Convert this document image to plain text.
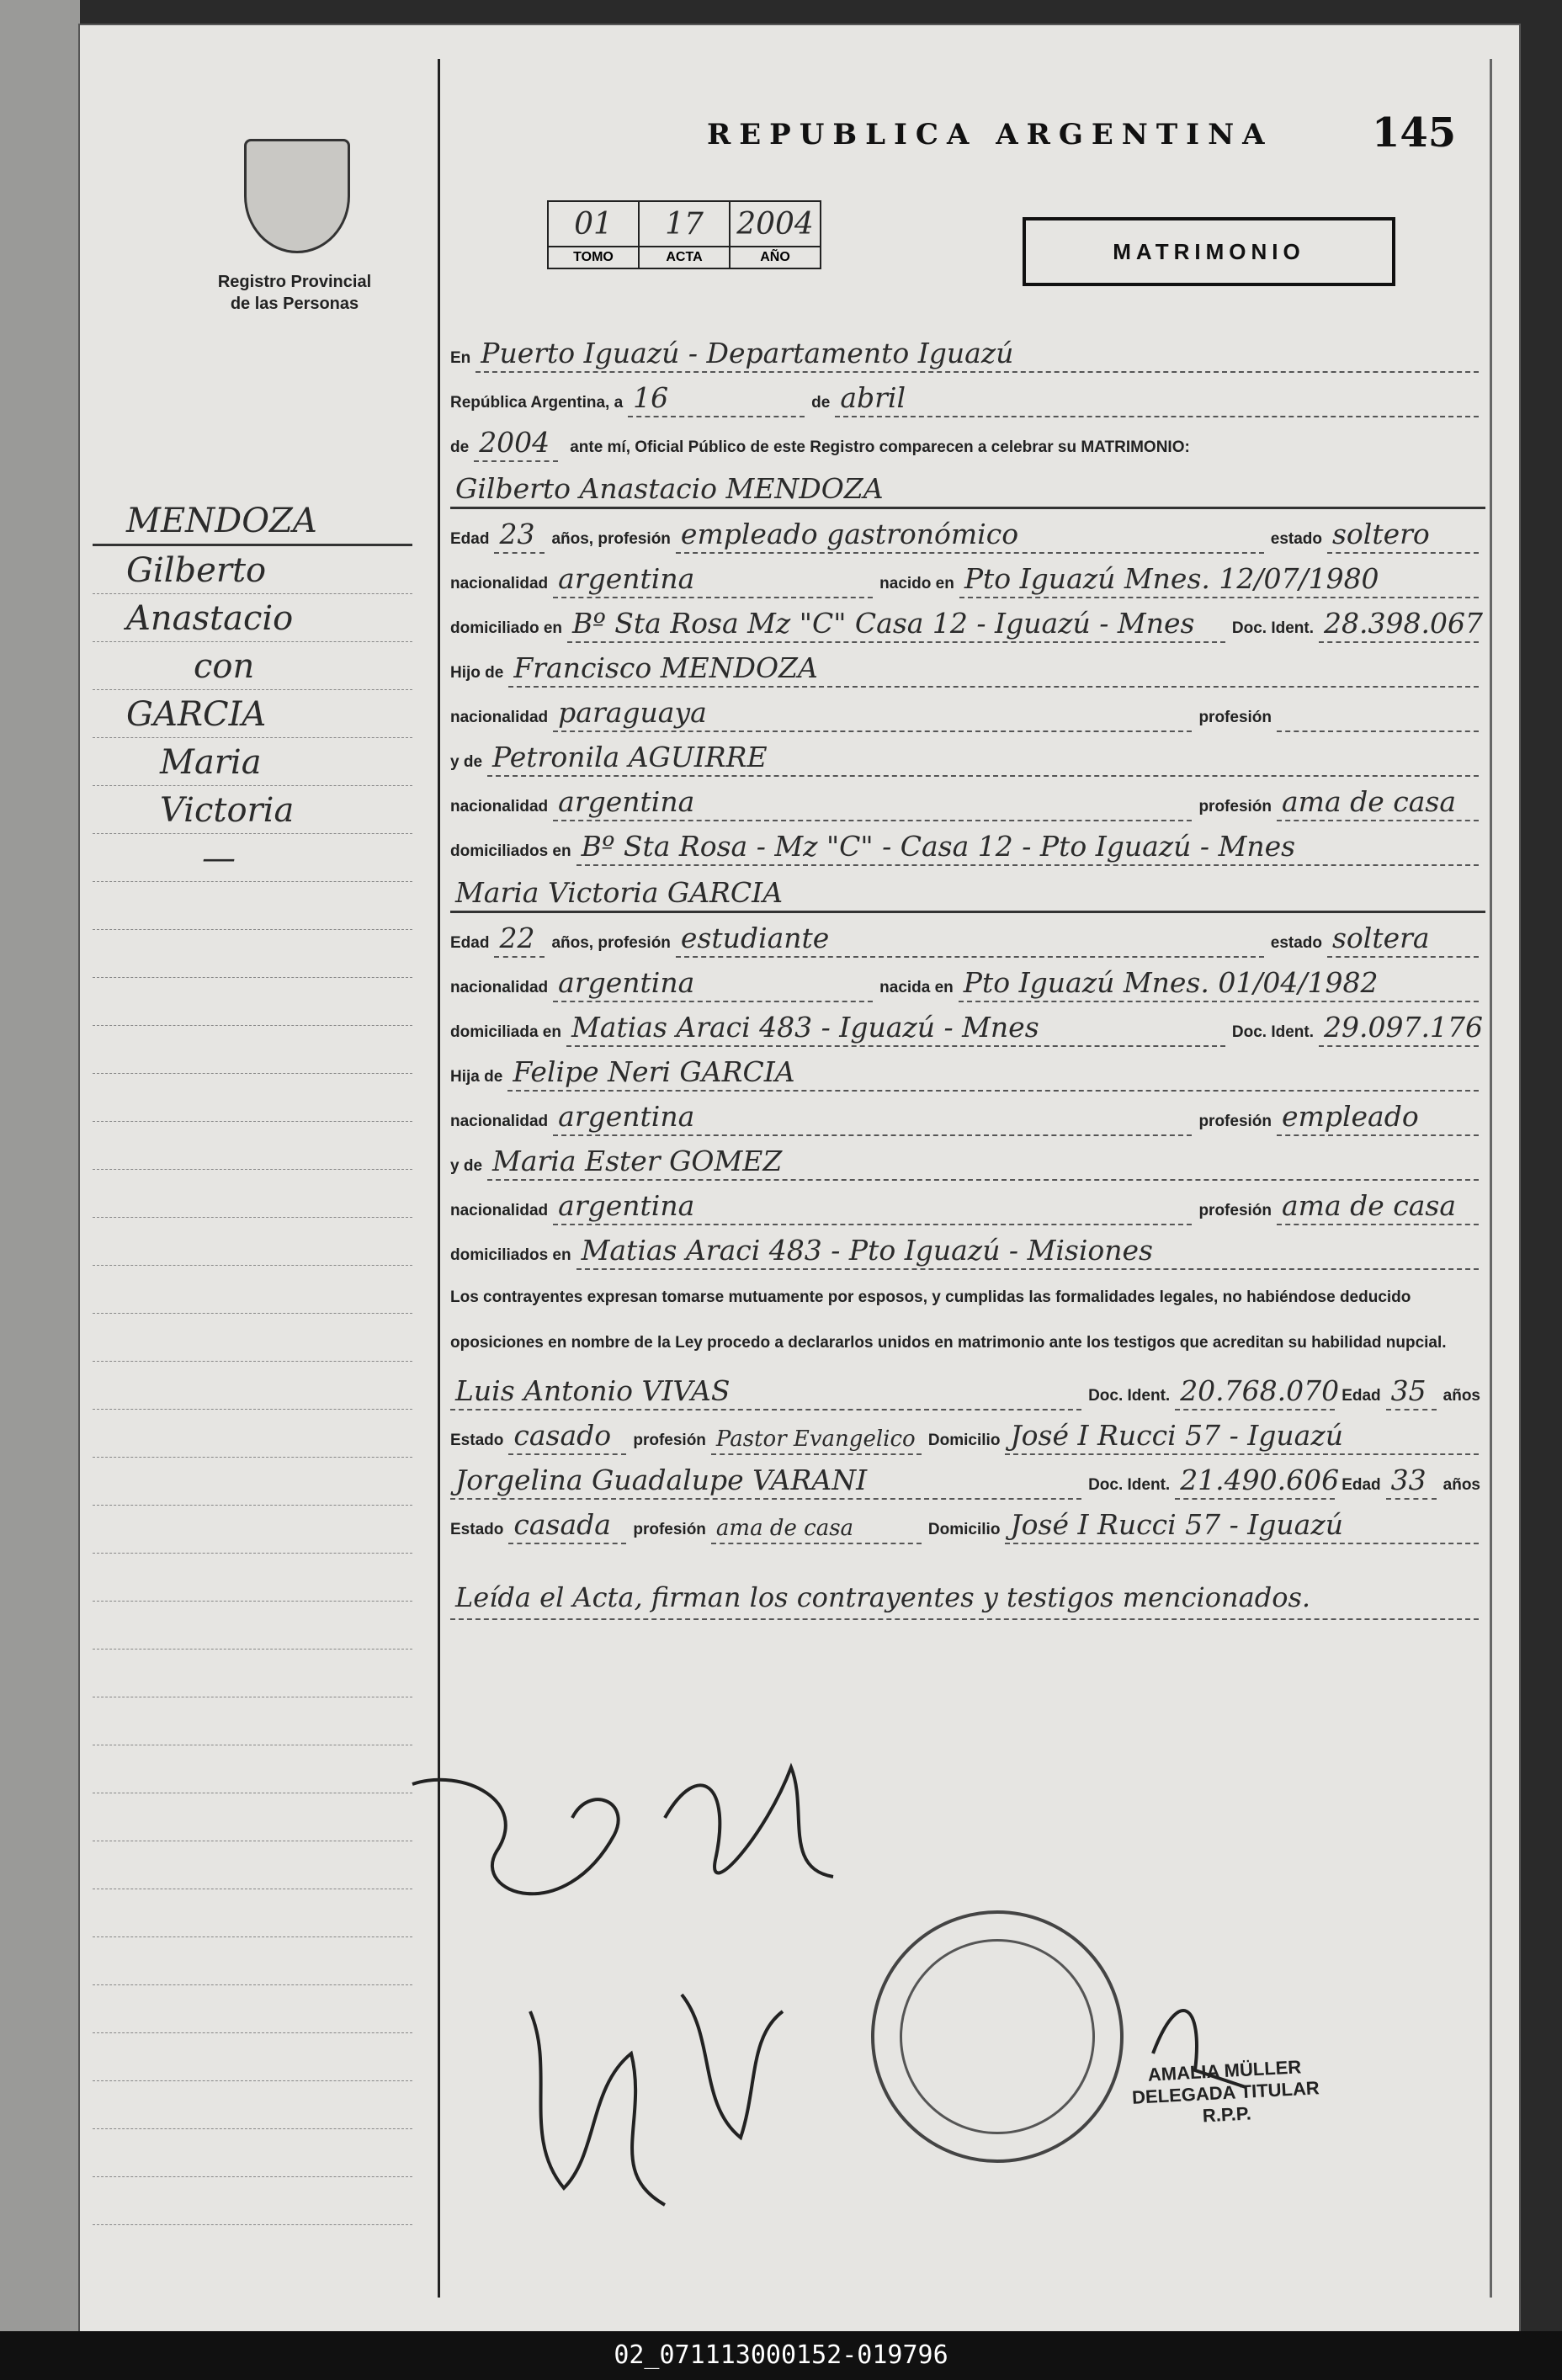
Registro Provincial
de las Personas
REPUBLICA ARGENTINA 145
01	17	2004
TOMO	ACTA	AÑO	MATRIMONIO
MENDOZA
Gilberto
Anastacio
con
GARCIA
Maria
Victoria
—
En Puerto Iguazú - Departamento Iguazú
República Argentina, a 16	de abril
de 2004	ante mí, Oficial Público de este Registro comparecen a celebrar su MATRIMONIO:
Gilberto Anastacio MENDOZA
Edad 23 años, profesión empleado gastronómico	estado soltero
nacionalidad argentina	nacido en Pto Iguazú Mnes. 12/07/1980
domiciliado en Bº Sta Rosa Mz "C" Casa 12 - Iguazú - Mnes Doc. Ident. 28.398.067
Hijo de Francisco MENDOZA
nacionalidad paraguaya	profesión
y de Petronila AGUIRRE
nacionalidad argentina	profesión ama de casa
domiciliados en Bº Sta Rosa - Mz "C" - Casa 12 - Pto Iguazú - Mnes
Maria Victoria GARCIA
Edad 22 años, profesión estudiante	estado soltera
nacionalidad argentina	nacida en Pto Iguazú Mnes. 01/04/1982
domiciliada en Matias Araci 483 - Iguazú - Mnes	Doc. Ident. 29.097.176
Hija de Felipe Neri GARCIA
nacionalidad argentina	profesión empleado
y de Maria Ester GOMEZ
nacionalidad argentina	profesión ama de casa
domiciliados en Matias Araci 483 - Pto Iguazú - Misiones

Los contrayentes expresan tomarse mutuamente por esposos, y cumplidas las formalidades legales, no habiéndose deducido oposiciones en nombre de la Ley procedo a declararlos unidos en matrimonio ante los testigos que acreditan su habilidad nupcial.

Luis Antonio VIVAS	Doc. Ident. 20.768.070 Edad 35 años
Estado casado profesión Pastor Evangelico Domicilio José I Rucci 57 - Iguazú
Jorgelina Guadalupe VARANI	Doc. Ident. 21.490.606 Edad 33 años
Estado casada profesión ama de casa	Domicilio José I Rucci 57 - Iguazú
Leída el Acta, firman los contrayentes y testigos mencionados.
AMALIA MÜLLER
DELEGADA TITULAR
R.P.P.
02_071113000152-019796
